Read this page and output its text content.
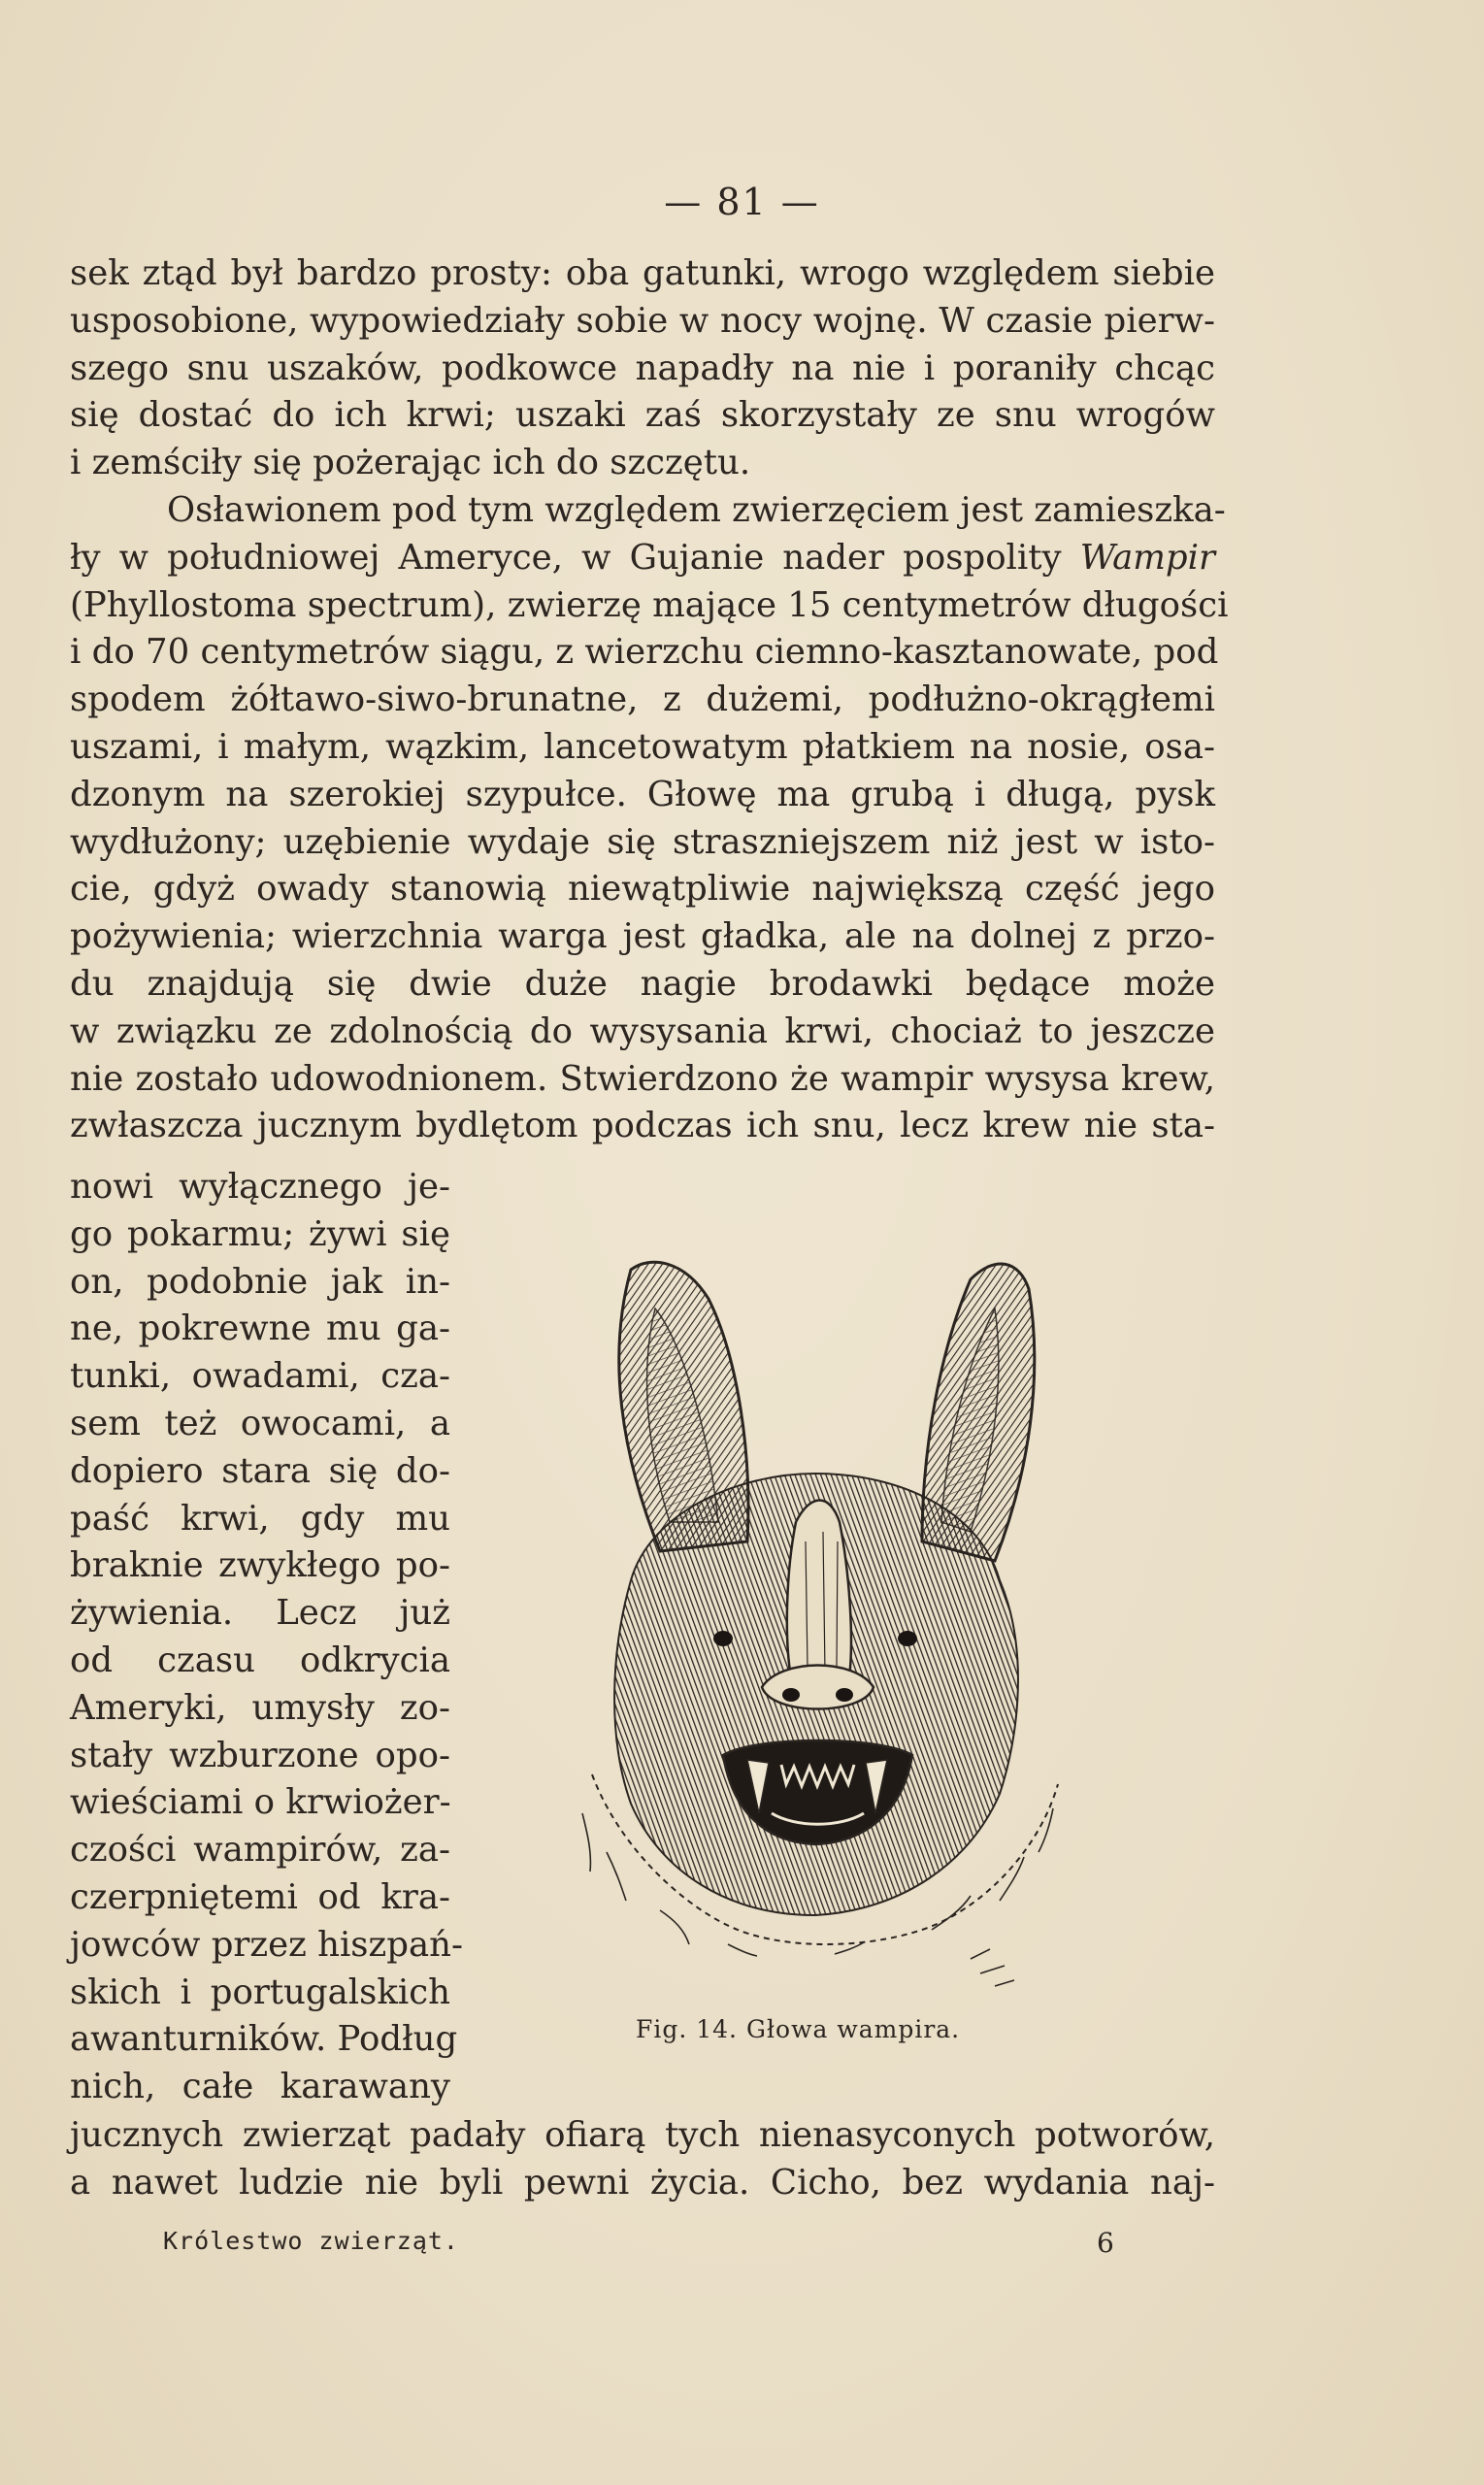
— 81 —
sek ztąd był bardzo prosty: oba gatunki, wrogo względem siebie
usposobione, wypowiedziały sobie w nocy wojnę. W czasie pierw-
szego snu uszaków, podkowce napadły na nie i poraniły chcąc
się dostać do ich krwi; uszaki zaś skorzystały ze snu wrogów
i zemściły się pożerając ich do szczętu.
Osławionem pod tym względem zwierzęciem jest zamieszka-
ły w południowej Ameryce, w Gujanie nader pospolity Wampir
(Phyllostoma spectrum), zwierzę mające 15 centymetrów długości
i do 70 centymetrów siągu, z wierzchu ciemno-kasztanowate, pod
spodem żółtawo-siwo-brunatne, z dużemi, podłużno-okrągłemi
uszami, i małym, wązkim, lancetowatym płatkiem na nosie, osa-
dzonym na szerokiej szypułce. Głowę ma grubą i długą, pysk
wydłużony; uzębienie wydaje się straszniejszem niż jest w isto-
cie, gdyż owady stanowią niewątpliwie największą część jego
pożywienia; wierzchnia warga jest gładka, ale na dolnej z przo-
du znajdują się dwie duże nagie brodawki będące może
w związku ze zdolnością do wysysania krwi, chociaż to jeszcze
nie zostało udowodnionem. Stwierdzono że wampir wysysa krew,
zwłaszcza jucznym bydlętom podczas ich snu, lecz krew nie sta-
nowi wyłącznego je-
go pokarmu; żywi się
on, podobnie jak in-
ne, pokrewne mu ga-
tunki, owadami, cza-
sem też owocami, a
dopiero stara się do-
paść krwi, gdy mu
braknie zwykłego po-
żywienia. Lecz już
od czasu odkrycia
Ameryki, umysły zo-
stały wzburzone opo-
wieściami o krwiożer-
czości wampirów, za-
czerpniętemi od kra-
jowców przez hiszpań-
skich i portugalskich
awanturników. Podług
nich, całe karawany
Fig. 14. Głowa wampira.
jucznych zwierząt padały ofiarą tych nienasyconych potworów,
a nawet ludzie nie byli pewni życia. Cicho, bez wydania naj-
Królestwo zwierząt.	6
